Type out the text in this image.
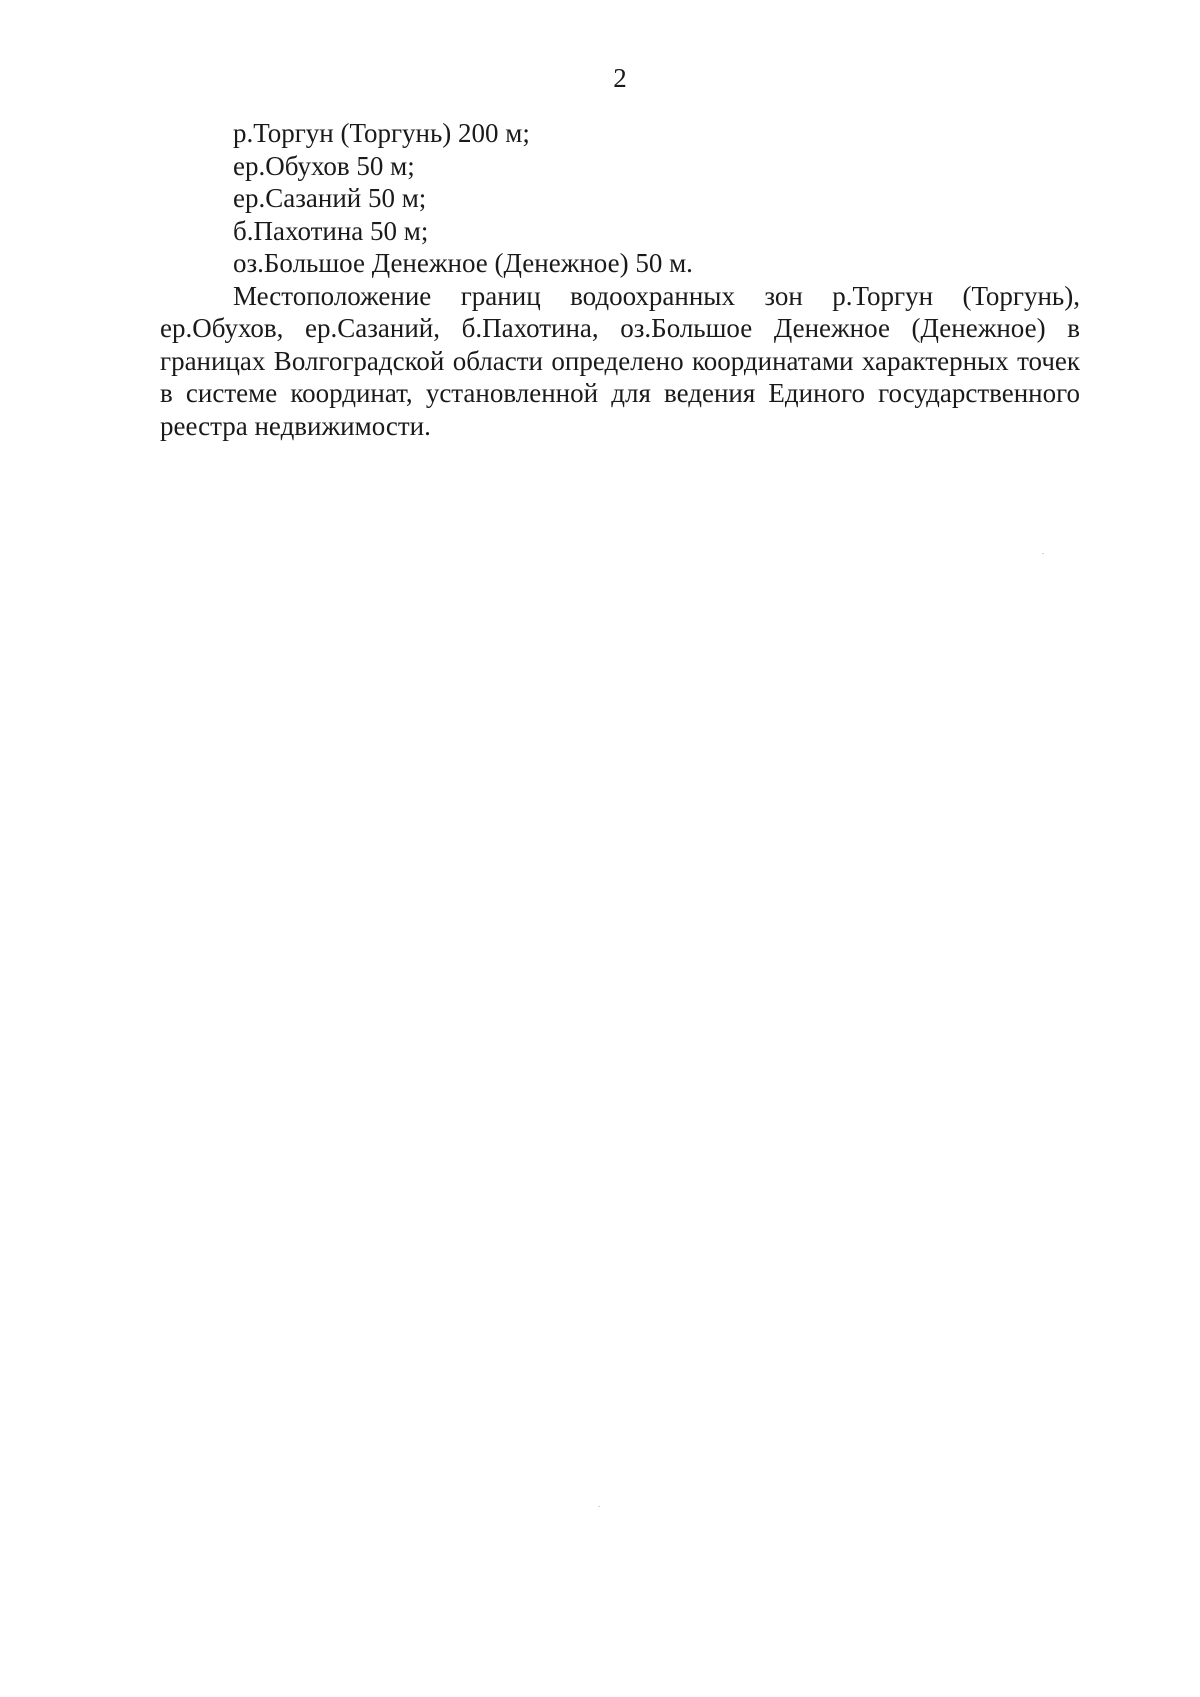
2

р.Торгун (Торгунь) 200 м;

ер.Обухов 50 м;

ер.Сазаний 50 м;

б.Пахотина 50 м;

оз.Большое Денежное (Денежное) 50 м.

Местоположение границ водоохранных зон р.Торгун (Торгунь), ер.Обухов, ер.Сазаний, б.Пахотина, оз.Большое Денежное (Денежное) в границах Волгоградской области определено координатами характерных точек в системе координат, установленной для ведения Единого государственного реестра недвижимости.
